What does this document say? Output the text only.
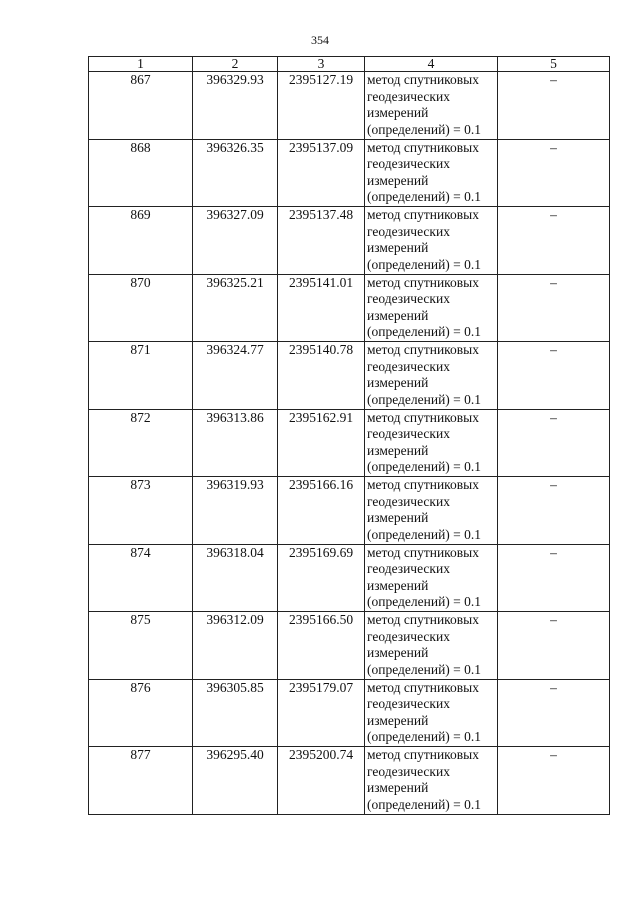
354
1	2	3	4	5
867	396329.93	2395127.19	метод спутниковых геодезических измерений (определений) = 0.1	–
868	396326.35	2395137.09	метод спутниковых геодезических измерений (определений) = 0.1	–
869	396327.09	2395137.48	метод спутниковых геодезических измерений (определений) = 0.1	–
870	396325.21	2395141.01	метод спутниковых геодезических измерений (определений) = 0.1	–
871	396324.77	2395140.78	метод спутниковых геодезических измерений (определений) = 0.1	–
872	396313.86	2395162.91	метод спутниковых геодезических измерений (определений) = 0.1	–
873	396319.93	2395166.16	метод спутниковых геодезических измерений (определений) = 0.1	–
874	396318.04	2395169.69	метод спутниковых геодезических измерений (определений) = 0.1	–
875	396312.09	2395166.50	метод спутниковых геодезических измерений (определений) = 0.1	–
876	396305.85	2395179.07	метод спутниковых геодезических измерений (определений) = 0.1	–
877	396295.40	2395200.74	метод спутниковых геодезических измерений (определений) = 0.1	–
